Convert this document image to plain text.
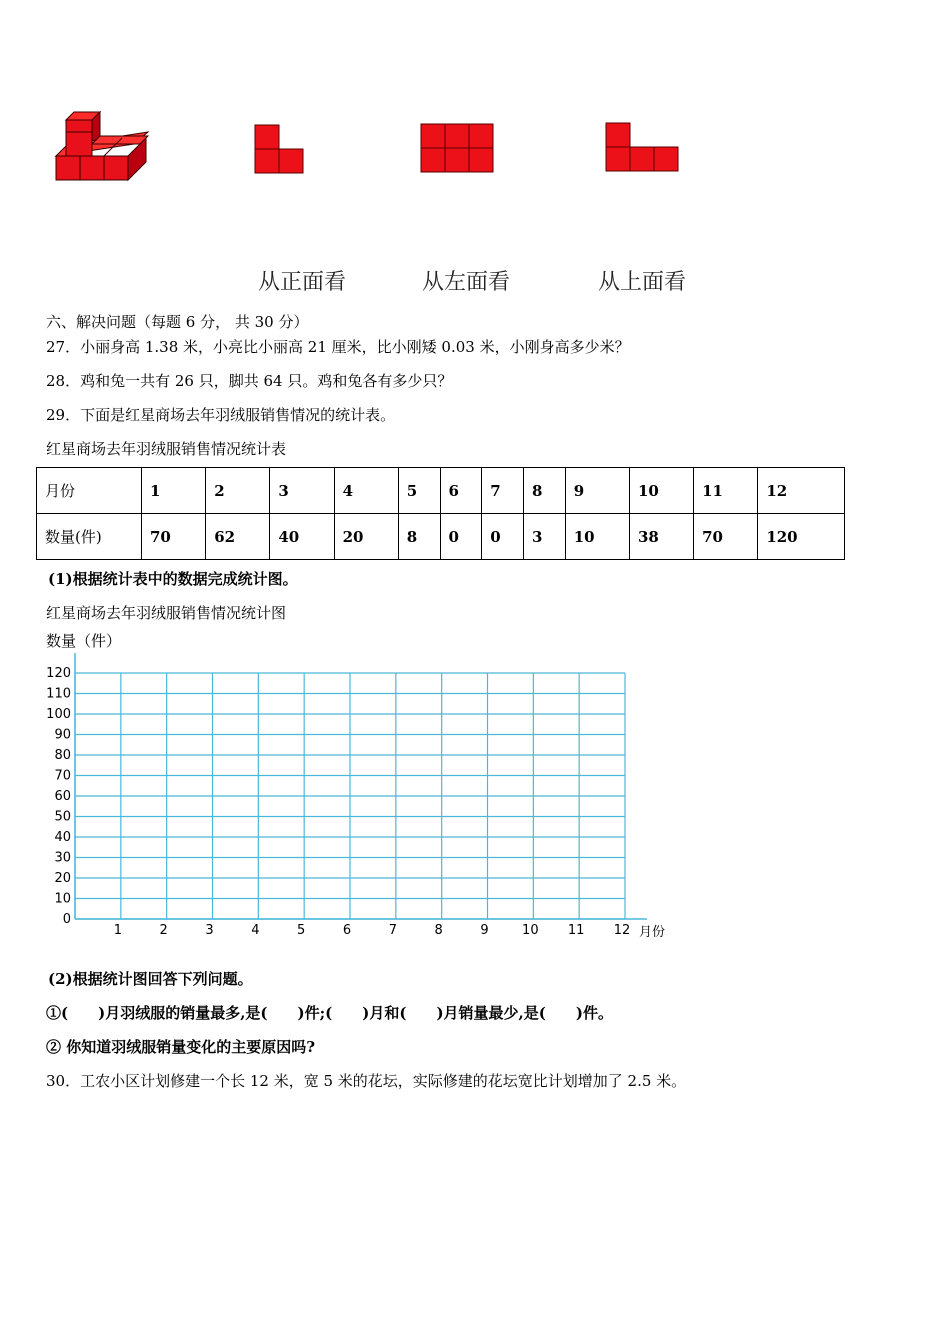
从正面看	从左面看	从上面看
六、解决问题（每题 6 分， 共 30 分）
27．小丽身高 1.38 米，小亮比小丽高 21 厘米，比小刚矮 0.03 米，小刚身高多少米？
28．鸡和兔一共有 26 只，脚共 64 只。鸡和兔各有多少只？
29．下面是红星商场去年羽绒服销售情况的统计表。
红星商场去年羽绒服销售情况统计表
月份	1	2	3	4	5	6	7	8	9	10	11	12
数量(件)	70	62	40	20	8	0	0	3	10	38	70	120
(1)根据统计表中的数据完成统计图。
红星商场去年羽绒服销售情况统计图
数量（件）
0
10
20
30
40
50
60
70
80
90
100
110
120
1	2	3	4	5	6	7	8	9	10 11 12 月份
(2)根据统计图回答下列问题。
①(　　)月羽绒服的销量最多,是(　　)件;(　　)月和(　　)月销量最少,是(　　)件。
② 你知道羽绒服销量变化的主要原因吗?
30．工农小区计划修建一个长 12 米，宽 5 米的花坛，实际修建的花坛宽比计划增加了 2.5 米。
